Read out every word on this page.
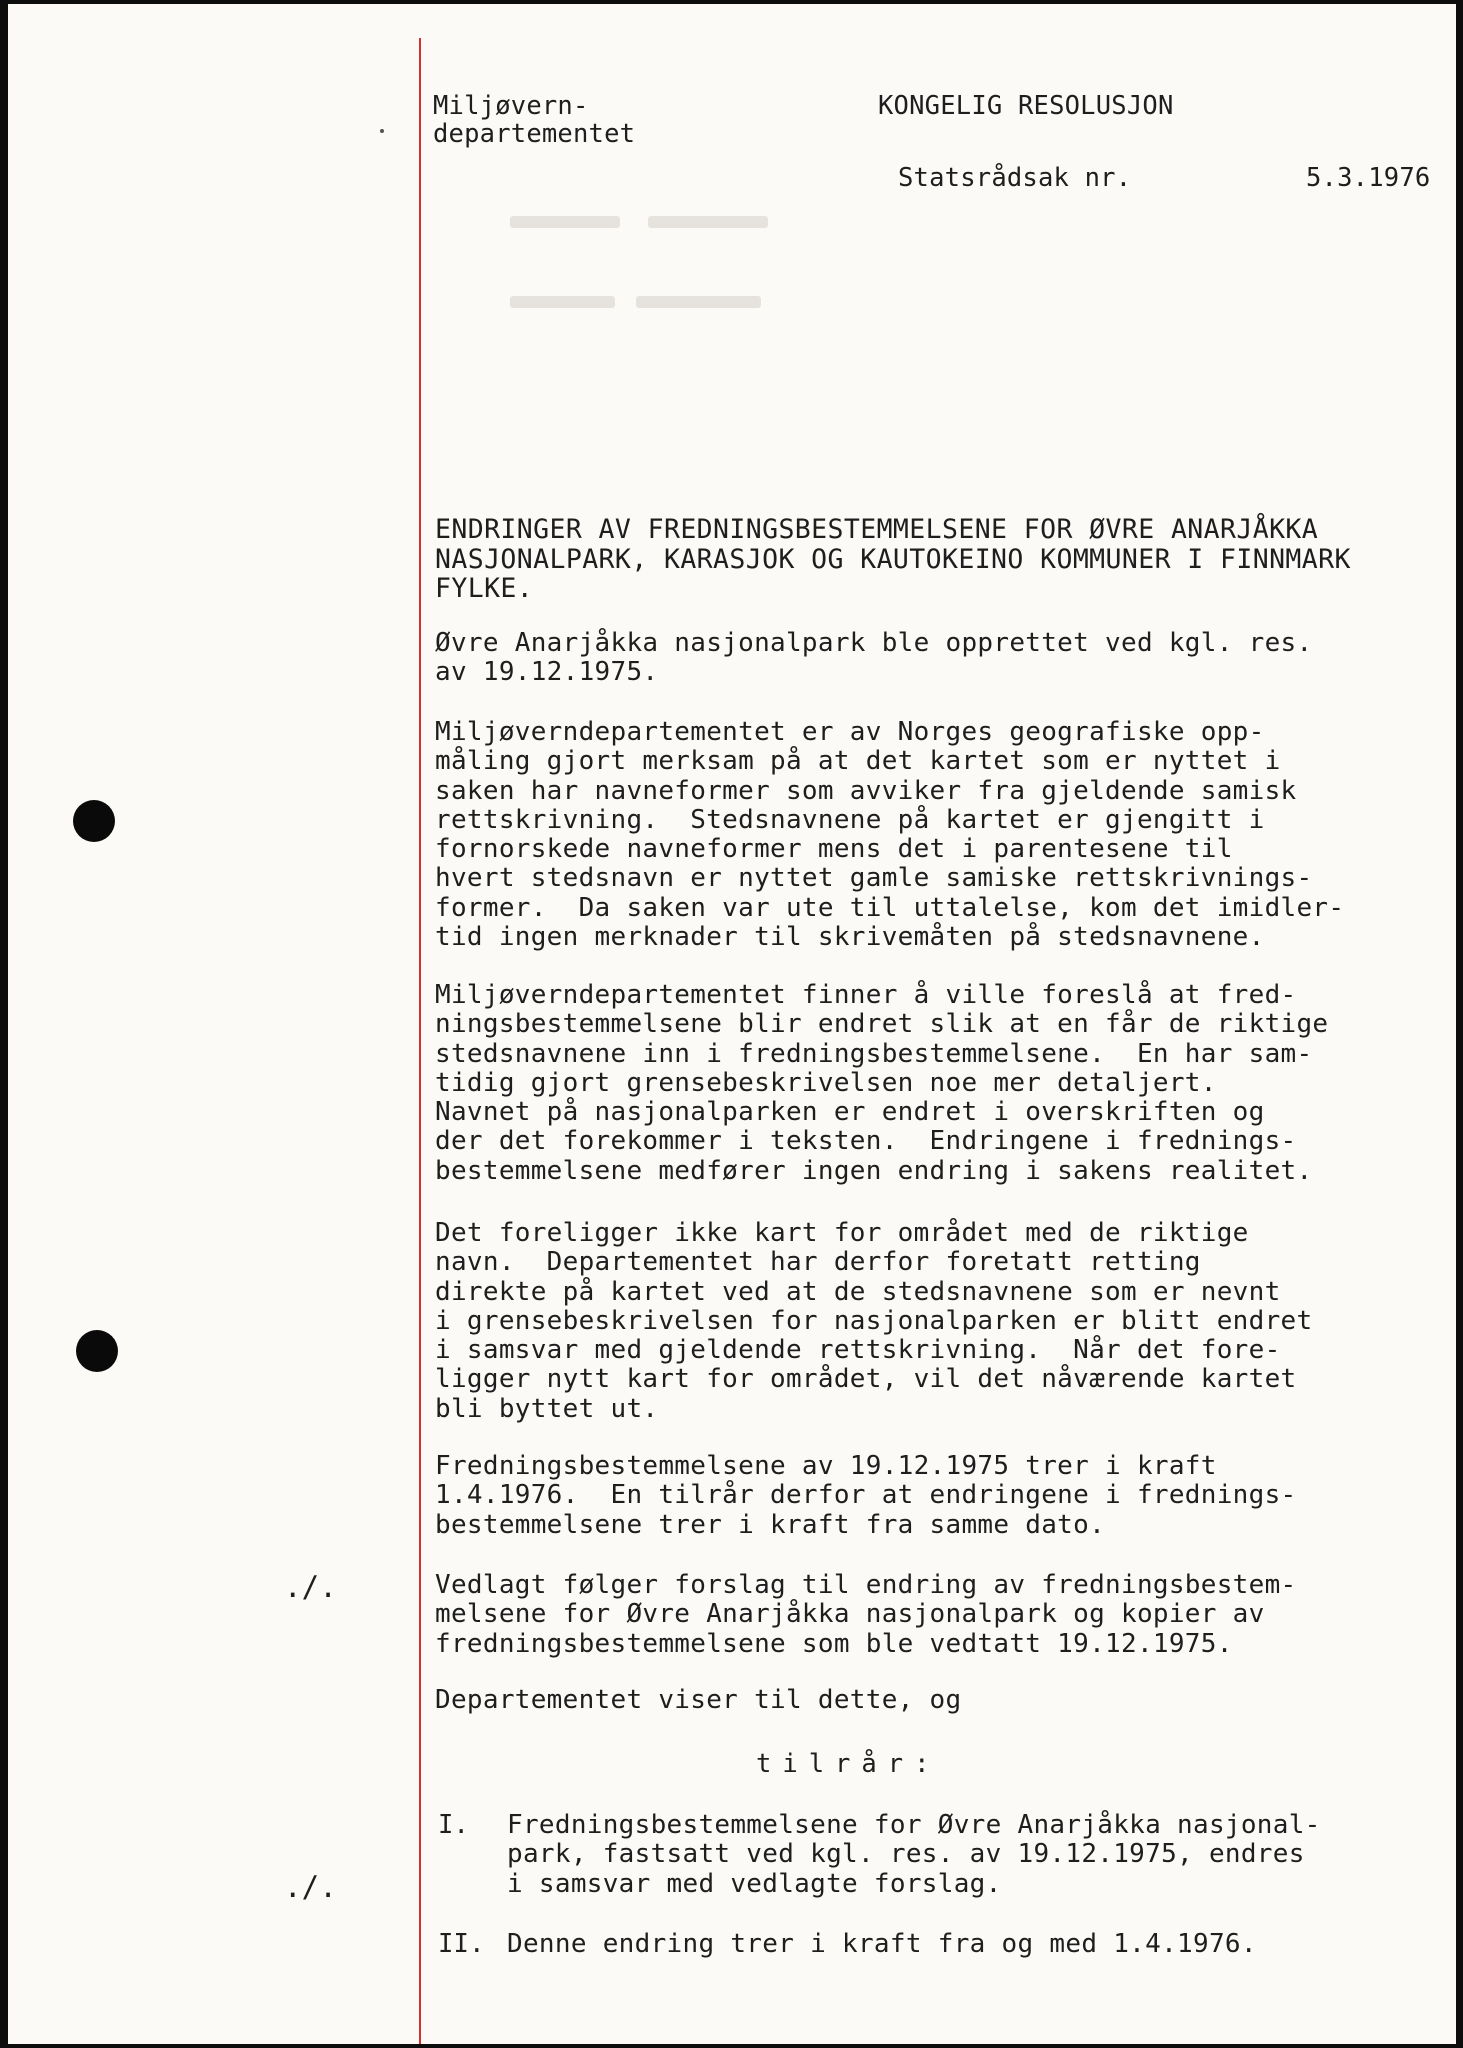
Miljøvern-
departementet
KONGELIG RESOLUSJON
Statsrådsak nr.	5.3.1976
ENDRINGER AV FREDNINGSBESTEMMELSENE FOR ØVRE ANARJÅKKA
NASJONALPARK, KARASJOK OG KAUTOKEINO KOMMUNER I FINNMARK
FYLKE.
Øvre Anarjåkka nasjonalpark ble opprettet ved kgl. res.
av 19.12.1975.
Miljøverndepartementet er av Norges geografiske opp-
måling gjort merksam på at det kartet som er nyttet i
saken har navneformer som avviker fra gjeldende samisk
rettskrivning.  Stedsnavnene på kartet er gjengitt i
fornorskede navneformer mens det i parentesene til
hvert stedsnavn er nyttet gamle samiske rettskrivnings-
former.  Da saken var ute til uttalelse, kom det imidler-
tid ingen merknader til skrivemåten på stedsnavnene.
Miljøverndepartementet finner å ville foreslå at fred-
ningsbestemmelsene blir endret slik at en får de riktige
stedsnavnene inn i fredningsbestemmelsene.  En har sam-
tidig gjort grensebeskrivelsen noe mer detaljert.
Navnet på nasjonalparken er endret i overskriften og
der det forekommer i teksten.  Endringene i frednings-
bestemmelsene medfører ingen endring i sakens realitet.
Det foreligger ikke kart for området med de riktige
navn.  Departementet har derfor foretatt retting
direkte på kartet ved at de stedsnavnene som er nevnt
i grensebeskrivelsen for nasjonalparken er blitt endret
i samsvar med gjeldende rettskrivning.  Når det fore-
ligger nytt kart for området, vil det nåværende kartet
bli byttet ut.
Fredningsbestemmelsene av 19.12.1975 trer i kraft
1.4.1976.  En tilrår derfor at endringene i frednings-
bestemmelsene trer i kraft fra samme dato.
Vedlagt følger forslag til endring av fredningsbestem-
melsene for Øvre Anarjåkka nasjonalpark og kopier av
fredningsbestemmelsene som ble vedtatt 19.12.1975.
./.
Departementet viser til dette, og
tilrår:
I. Fredningsbestemmelsene for Øvre Anarjåkka nasjonal-
park, fastsatt ved kgl. res. av 19.12.1975, endres
i samsvar med vedlagte forslag.
./.
II. Denne endring trer i kraft fra og med 1.4.1976.
